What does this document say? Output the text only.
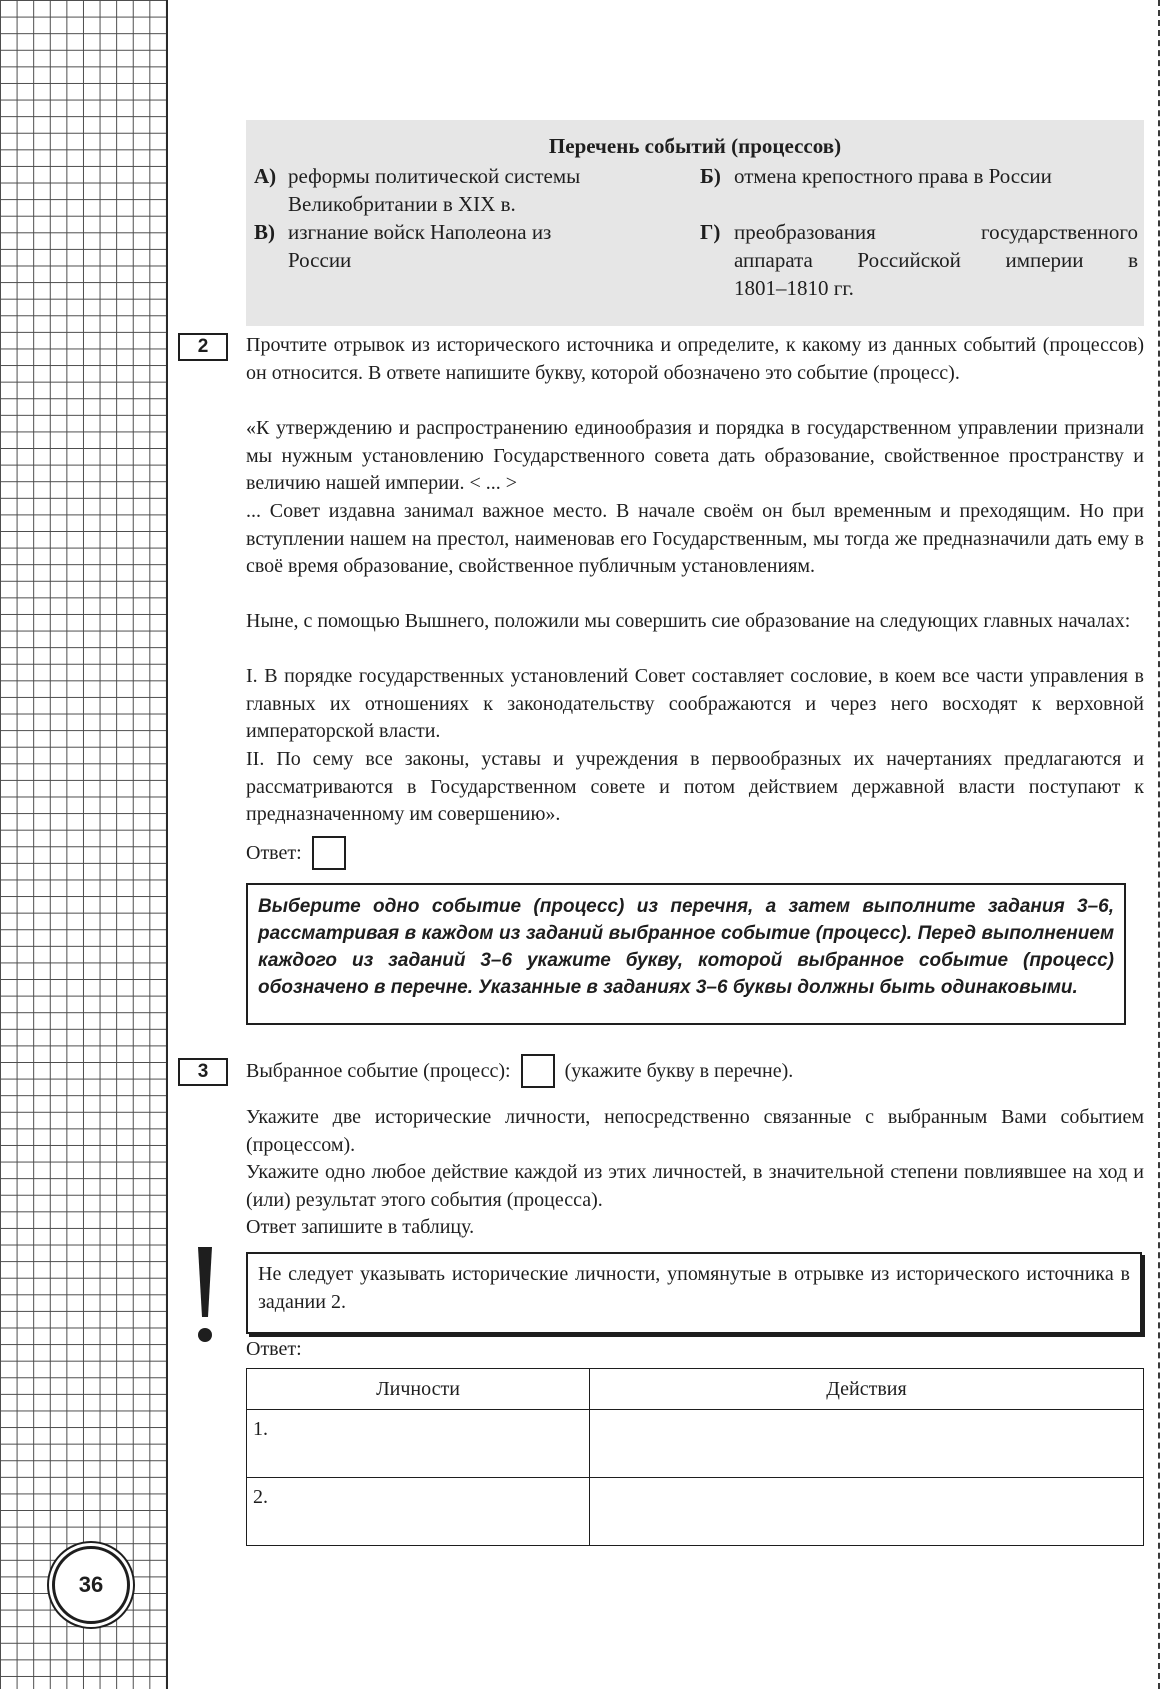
36
Перечень событий (процессов)
А) реформы политической системы
Великобритании в XIX в.
Б) отмена крепостного права в России
В) изгнание войск Наполеона из
России
Г) преобразования государственного
аппарата Российской империи в
1801–1810 гг.
2	Прочтите отрывок из исторического источника и определите, к какому из данных событий (процессов) он относится. В ответе напишите букву, которой обозначено это событие (процесс).
«К утверждению и распространению единообразия и порядка в государственном управлении признали мы нужным установлению Государственного совета дать образование, свойственное пространству и величию нашей империи. < ... >
... Совет издавна занимал важное место. В начале своём он был временным и преходящим. Но при вступлении нашем на престол, наименовав его Государственным, мы тогда же предназначили дать ему в своё время образование, свойственное публичным установлениям.
Ныне, с помощью Вышнего, положили мы совершить сие образование на следующих главных началах:
I. В порядке государственных установлений Совет составляет сословие, в коем все части управления в главных их отношениях к законодательству соображаются и через него восходят к верховной императорской власти.
II. По сему все законы, уставы и учреждения в первообразных их начертаниях предлагаются и рассматриваются в Государственном совете и потом действием державной власти поступают к предназначенному им совершению».
Ответ:
Выберите одно событие (процесс) из перечня, а затем выполните задания 3–6, рассматривая в каждом из заданий выбранное событие (процесс). Перед выполнением каждого из заданий 3–6 укажите букву, которой выбранное событие (процесс) обозначено в перечне. Указанные в заданиях 3–6 буквы должны быть одинаковыми.
3	Выбранное событие (процесс):	(укажите букву в перечне).
Укажите две исторические личности, непосредственно связанные с выбранным Вами событием (процессом).
Укажите одно любое действие каждой из этих личностей, в значительной степени повлиявшее на ход и (или) результат этого события (процесса).
Ответ запишите в таблицу.
Не следует указывать исторические личности, упомянутые в отрывке из исторического источника в задании 2.
Ответ:
Личности	Действия
1.	
2.	
